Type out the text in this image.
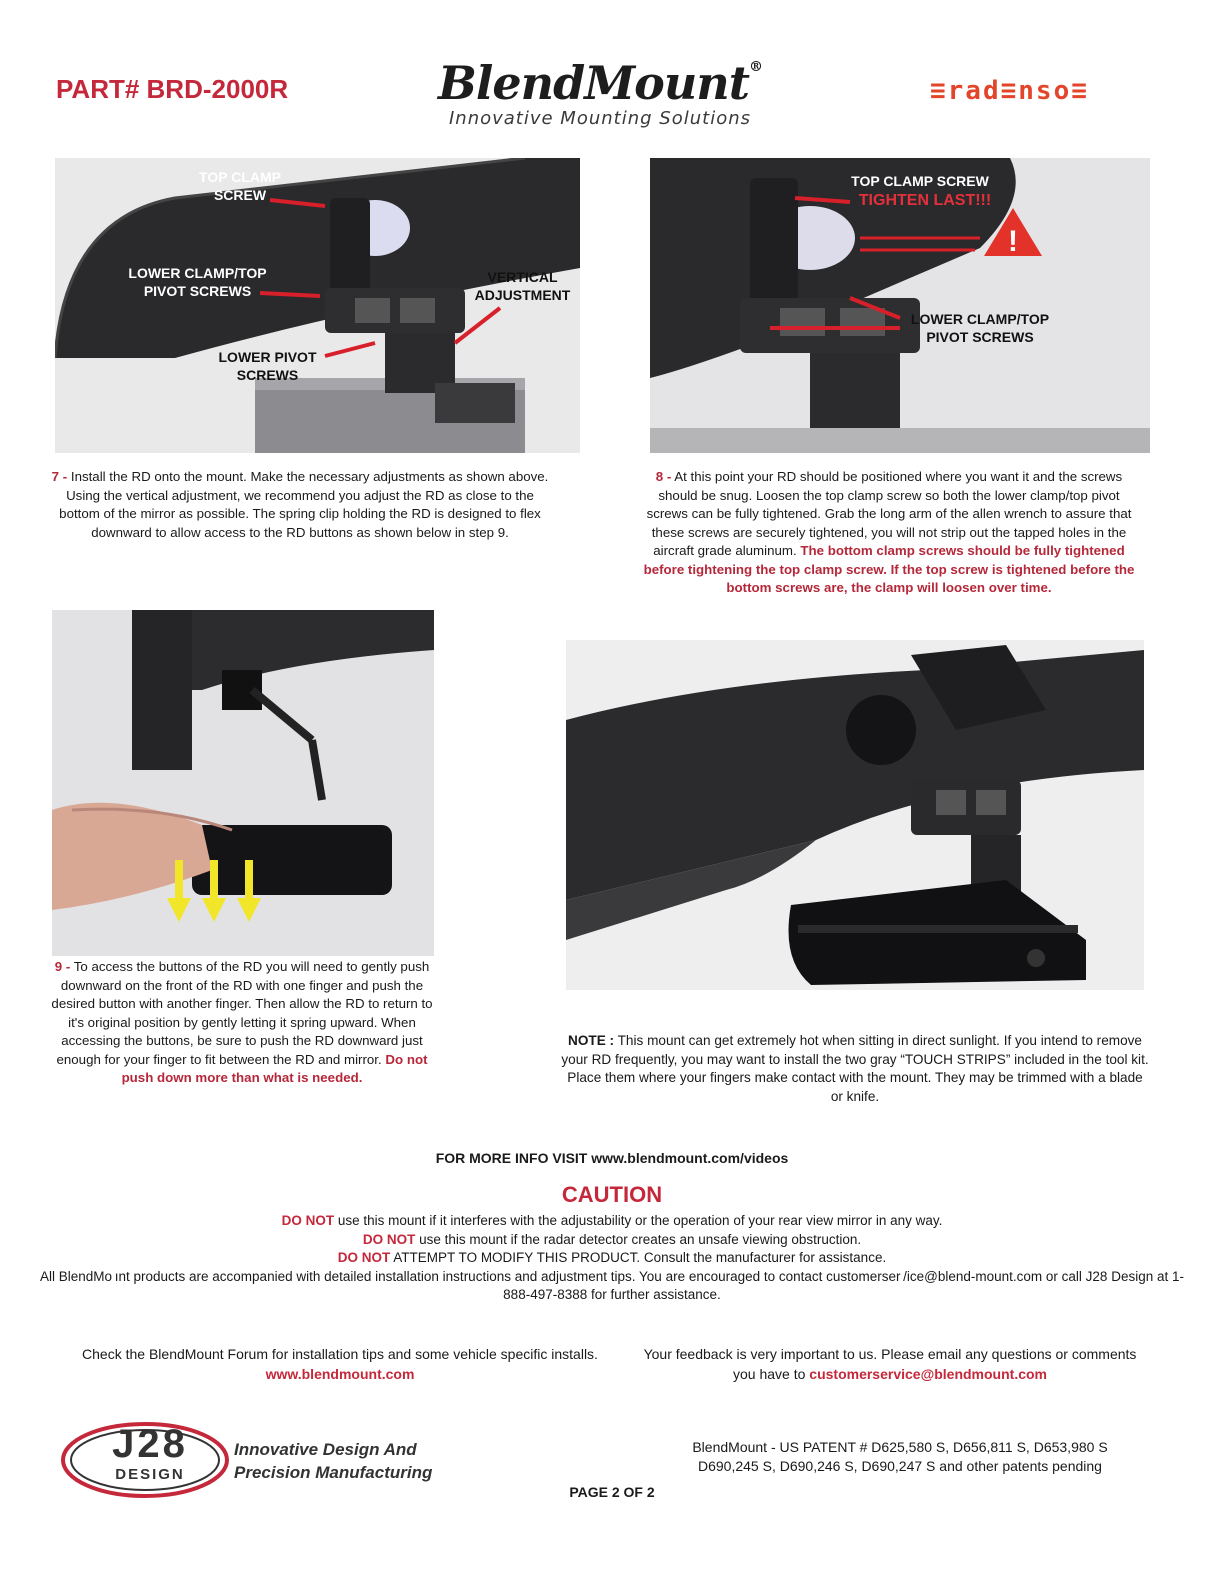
PART# BRD-2000R	BlendMount®
Innovative Mounting Solutions
≡rad≡nso≡
TOP CLAMP
SCREW
LOWER CLAMP/TOP
PIVOT SCREWS
VERTICAL
ADJUSTMENT
LOWER PIVOT
SCREWS
!
TOP CLAMP SCREW
TIGHTEN LAST!!!
LOWER CLAMP/TOP
PIVOT SCREWS
7 - Install the RD onto the mount. Make the necessary adjustments as shown above. Using the vertical adjustment, we recommend you adjust the RD as close to the bottom of the mirror as possible. The spring clip holding the RD is designed to flex downward to allow access to the RD buttons as shown below in step 9.
8 - At this point your RD should be positioned where you want it and the screws should be snug. Loosen the top clamp screw so both the lower clamp/top pivot screws can be fully tightened. Grab the long arm of the allen wrench to assure that these screws are securely tightened, you will not strip out the tapped holes in the aircraft grade aluminum. The bottom clamp screws should be fully tightened before tightening the top clamp screw. If the top screw is tightened before the bottom screws are, the clamp will loosen over time.
9 - To access the buttons of the RD you will need to gently push downward on the front of the RD with one finger and push the desired button with another finger. Then allow the RD to return to it's original position by gently letting it spring upward. When accessing the buttons, be sure to push the RD downward just enough for your finger to fit between the RD and mirror. Do not push down more than what is needed.
NOTE : This mount can get extremely hot when sitting in direct sunlight. If you intend to remove your RD frequently, you may want to install the two gray “TOUCH STRIPS” included in the tool kit. Place them where your fingers make contact with the mount. They may be trimmed with a blade or knife.
FOR MORE INFO VISIT www.blendmount.com/videos
CAUTION
DO NOT use this mount if it interferes with the adjustability or the operation of your rear view mirror in any way.
DO NOT use this mount if the radar detector creates an unsafe viewing obstruction.
DO NOT ATTEMPT TO MODIFY THIS PRODUCT. Consult the manufacturer for assistance.
All BlendMo ınt products are accompanied with detailed installation instructions and adjustment tips. You are encouraged to contact customerser /ice@blend-mount.com or call J28 Design at 1-888-497-8388 for further assistance.
Check the BlendMount Forum for installation tips and some vehicle specific installs.
www.blendmount.com
Your feedback is very important to us. Please email any questions or comments you have to customerservice@blendmount.com
J28
DESIGN
Innovative Design And
Precision Manufacturing
BlendMount - US PATENT # D625,580 S, D656,811 S, D653,980 S
D690,245 S, D690,246 S, D690,247 S and other patents pending
PAGE 2 OF 2
